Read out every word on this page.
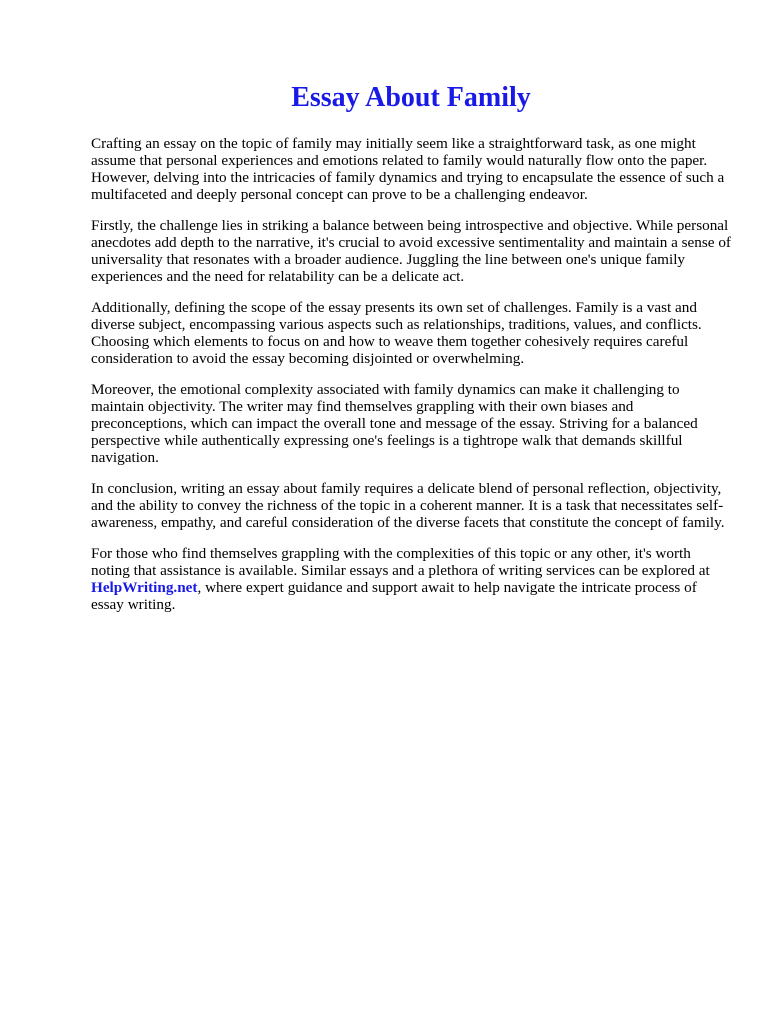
Essay About Family

Crafting an essay on the topic of family may initially seem like a straightforward task, as one might assume that personal experiences and emotions related to family would naturally flow onto the paper. However, delving into the intricacies of family dynamics and trying to encapsulate the essence of such a multifaceted and deeply personal concept can prove to be a challenging endeavor.

Firstly, the challenge lies in striking a balance between being introspective and objective. While personal anecdotes add depth to the narrative, it's crucial to avoid excessive sentimentality and maintain a sense of universality that resonates with a broader audience. Juggling the line between one's unique family experiences and the need for relatability can be a delicate act.

Additionally, defining the scope of the essay presents its own set of challenges. Family is a vast and diverse subject, encompassing various aspects such as relationships, traditions, values, and conflicts. Choosing which elements to focus on and how to weave them together cohesively requires careful consideration to avoid the essay becoming disjointed or overwhelming.

Moreover, the emotional complexity associated with family dynamics can make it challenging to maintain objectivity. The writer may find themselves grappling with their own biases and preconceptions, which can impact the overall tone and message of the essay. Striving for a balanced perspective while authentically expressing one's feelings is a tightrope walk that demands skillful navigation.

In conclusion, writing an essay about family requires a delicate blend of personal reflection, objectivity, and the ability to convey the richness of the topic in a coherent manner. It is a task that necessitates self-awareness, empathy, and careful consideration of the diverse facets that constitute the concept of family.

For those who find themselves grappling with the complexities of this topic or any other, it's worth noting that assistance is available. Similar essays and a plethora of writing services can be explored at HelpWriting.net, where expert guidance and support await to help navigate the intricate process of essay writing.
